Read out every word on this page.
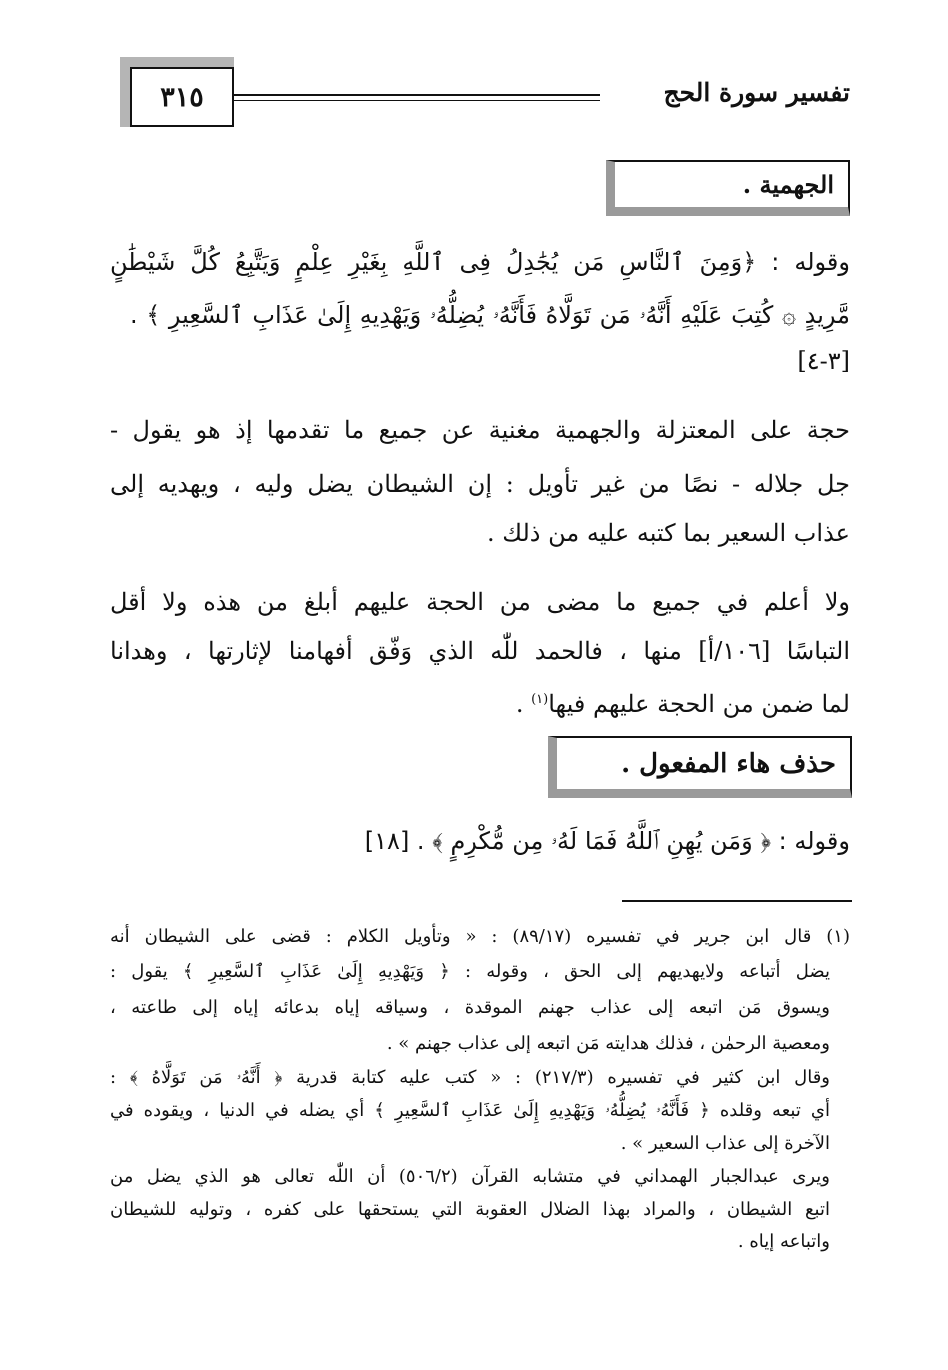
تفسير سورة الحج
٣١٥
الجهمية .
وقوله : ﴿وَمِنَ ٱلنَّاسِ مَن يُجَٰدِلُ فِى ٱللَّهِ بِغَيْرِ عِلْمٍ وَيَتَّبِعُ كُلَّ شَيْطَٰنٍ
مَّرِيدٍ ۞ كُتِبَ عَلَيْهِ أَنَّهُۥ مَن تَوَلَّاهُ فَأَنَّهُۥ يُضِلُّهُۥ وَيَهْدِيهِ إِلَىٰ عَذَابِ ٱلسَّعِيرِ ﴾ .
[٣-٤]
حجة على المعتزلة والجهمية مغنية عن جميع ما تقدمها إذ هو يقول -
جل جلاله - نصًا من غير تأويل : إن الشيطان يضل وليه ، ويهديه إلى
عذاب السعير بما كتبه عليه من ذلك .
ولا أعلم في جميع ما مضى من الحجة عليهم أبلغ من هذه ولا أقل
التباسًا [١٠٦/أ] منها ، فالحمد للّٰه الذي وَفّق أفهامنا لإثارتها ، وهدانا
لما ضمن من الحجة عليهم فيها$^{(١)}$ .
حذف هاء المفعول .
وقوله : ﴿ وَمَن يُهِنِ ٱللَّهُ فَمَا لَهُۥ مِن مُّكْرِمٍ ﴾ . [١٨]
(١) قال ابن جرير في تفسيره (٨٩/١٧) : « وتأويل الكلام : قضى على الشيطان أنه
يضل أتباعه ولايهديهم إلى الحق ، وقوله : ﴿ وَيَهْدِيهِ إِلَىٰ عَذَابِ ٱلسَّعِيرِ ﴾ يقول :
ويسوق مَن اتبعه إلى عذاب جهنم الموقدة ، وسياقه إياه بدعائه إياه إلى طاعته ،
ومعصية الرحمٰن ، فذلك هدايته مَن اتبعه إلى عذاب جهنم » .
وقال ابن كثير في تفسيره (٢١٧/٣) : « كتب عليه كتابة قدرية ﴿ أَنَّهُۥ مَن تَوَلَّاهُ ﴾ :
أي تبعه وقلده ﴿ فَأَنَّهُۥ يُضِلُّهُۥ وَيَهْدِيهِ إِلَىٰ عَذَابِ ٱلسَّعِيرِ ﴾ أي يضله في الدنيا ، ويقوده في
الآخرة إلى عذاب السعير » .
ويرى عبدالجبار الهمداني في متشابه القرآن (٥٠٦/٢) أن اللّٰه تعالى هو الذي يضل من
اتبع الشيطان ، والمراد بهذا الضلال العقوبة التي يستحقها على كفره ، وتوليه للشيطان
واتباعه إياه .
